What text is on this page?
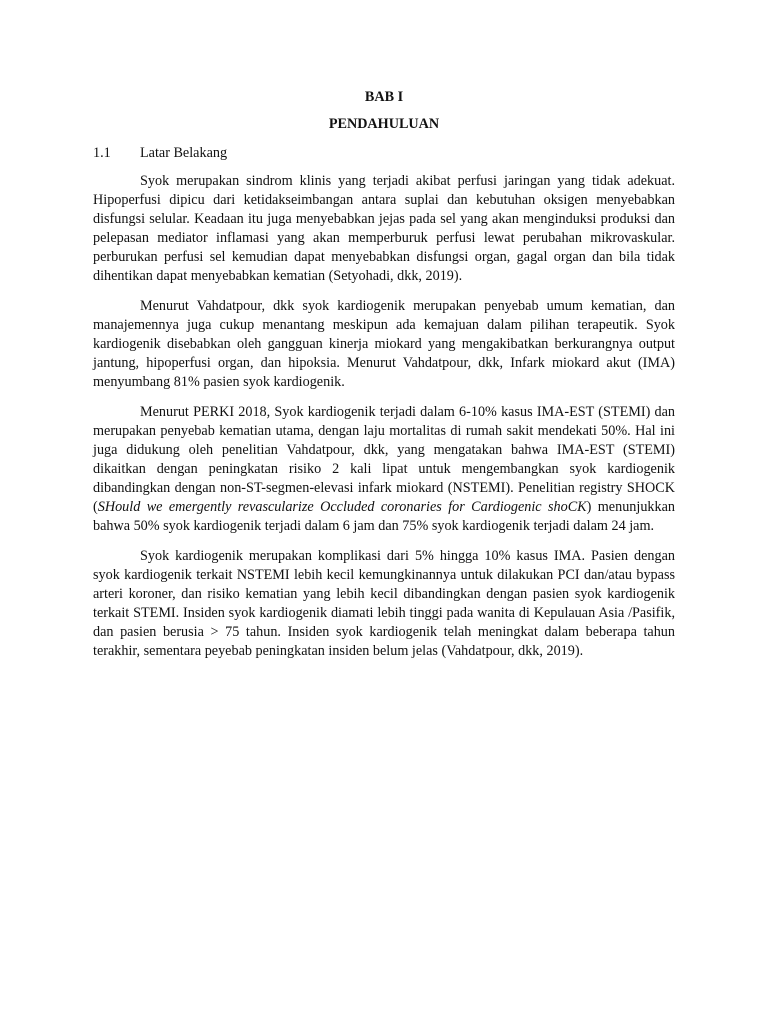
BAB I
PENDAHULUAN
1.1	Latar Belakang

Syok merupakan sindrom klinis yang terjadi akibat perfusi jaringan yang tidak adekuat. Hipoperfusi dipicu dari ketidakseimbangan antara suplai dan kebutuhan oksigen menyebabkan disfungsi selular. Keadaan itu juga menyebabkan jejas pada sel yang akan menginduksi produksi dan pelepasan mediator inflamasi yang akan memperburuk perfusi lewat perubahan mikrovaskular. perburukan perfusi sel kemudian dapat menyebabkan disfungsi organ, gagal organ dan bila tidak dihentikan dapat menyebabkan kematian (Setyohadi, dkk, 2019).

Menurut Vahdatpour, dkk syok kardiogenik merupakan penyebab umum kematian, dan manajemennya juga cukup menantang meskipun ada kemajuan dalam pilihan terapeutik. Syok kardiogenik disebabkan oleh gangguan kinerja miokard yang mengakibatkan berkurangnya output jantung, hipoperfusi organ, dan hipoksia. Menurut Vahdatpour, dkk, Infark miokard akut (IMA) menyumbang 81% pasien syok kardiogenik.

Menurut PERKI 2018, Syok kardiogenik terjadi dalam 6-10% kasus IMA-EST (STEMI) dan merupakan penyebab kematian utama, dengan laju mortalitas di rumah sakit mendekati 50%. Hal ini juga didukung oleh penelitian Vahdatpour, dkk, yang mengatakan bahwa IMA-EST (STEMI) dikaitkan dengan peningkatan risiko 2 kali lipat untuk mengembangkan syok kardiogenik dibandingkan dengan non-ST-segmen-elevasi infark miokard (NSTEMI). Penelitian registry SHOCK (SHould we emergently revascularize Occluded coronaries for Cardiogenic shoCK) menunjukkan bahwa 50% syok kardiogenik terjadi dalam 6 jam dan 75% syok kardiogenik terjadi dalam 24 jam.

Syok kardiogenik merupakan komplikasi dari 5% hingga 10% kasus IMA. Pasien dengan syok kardiogenik terkait NSTEMI lebih kecil kemungkinannya untuk dilakukan PCI dan/atau bypass arteri koroner, dan risiko kematian yang lebih kecil dibandingkan dengan pasien syok kardiogenik terkait STEMI. Insiden syok kardiogenik diamati lebih tinggi pada wanita di Kepulauan Asia /Pasifik, dan pasien berusia > 75 tahun. Insiden syok kardiogenik telah meningkat dalam beberapa tahun terakhir, sementara peyebab peningkatan insiden belum jelas (Vahdatpour, dkk, 2019).
